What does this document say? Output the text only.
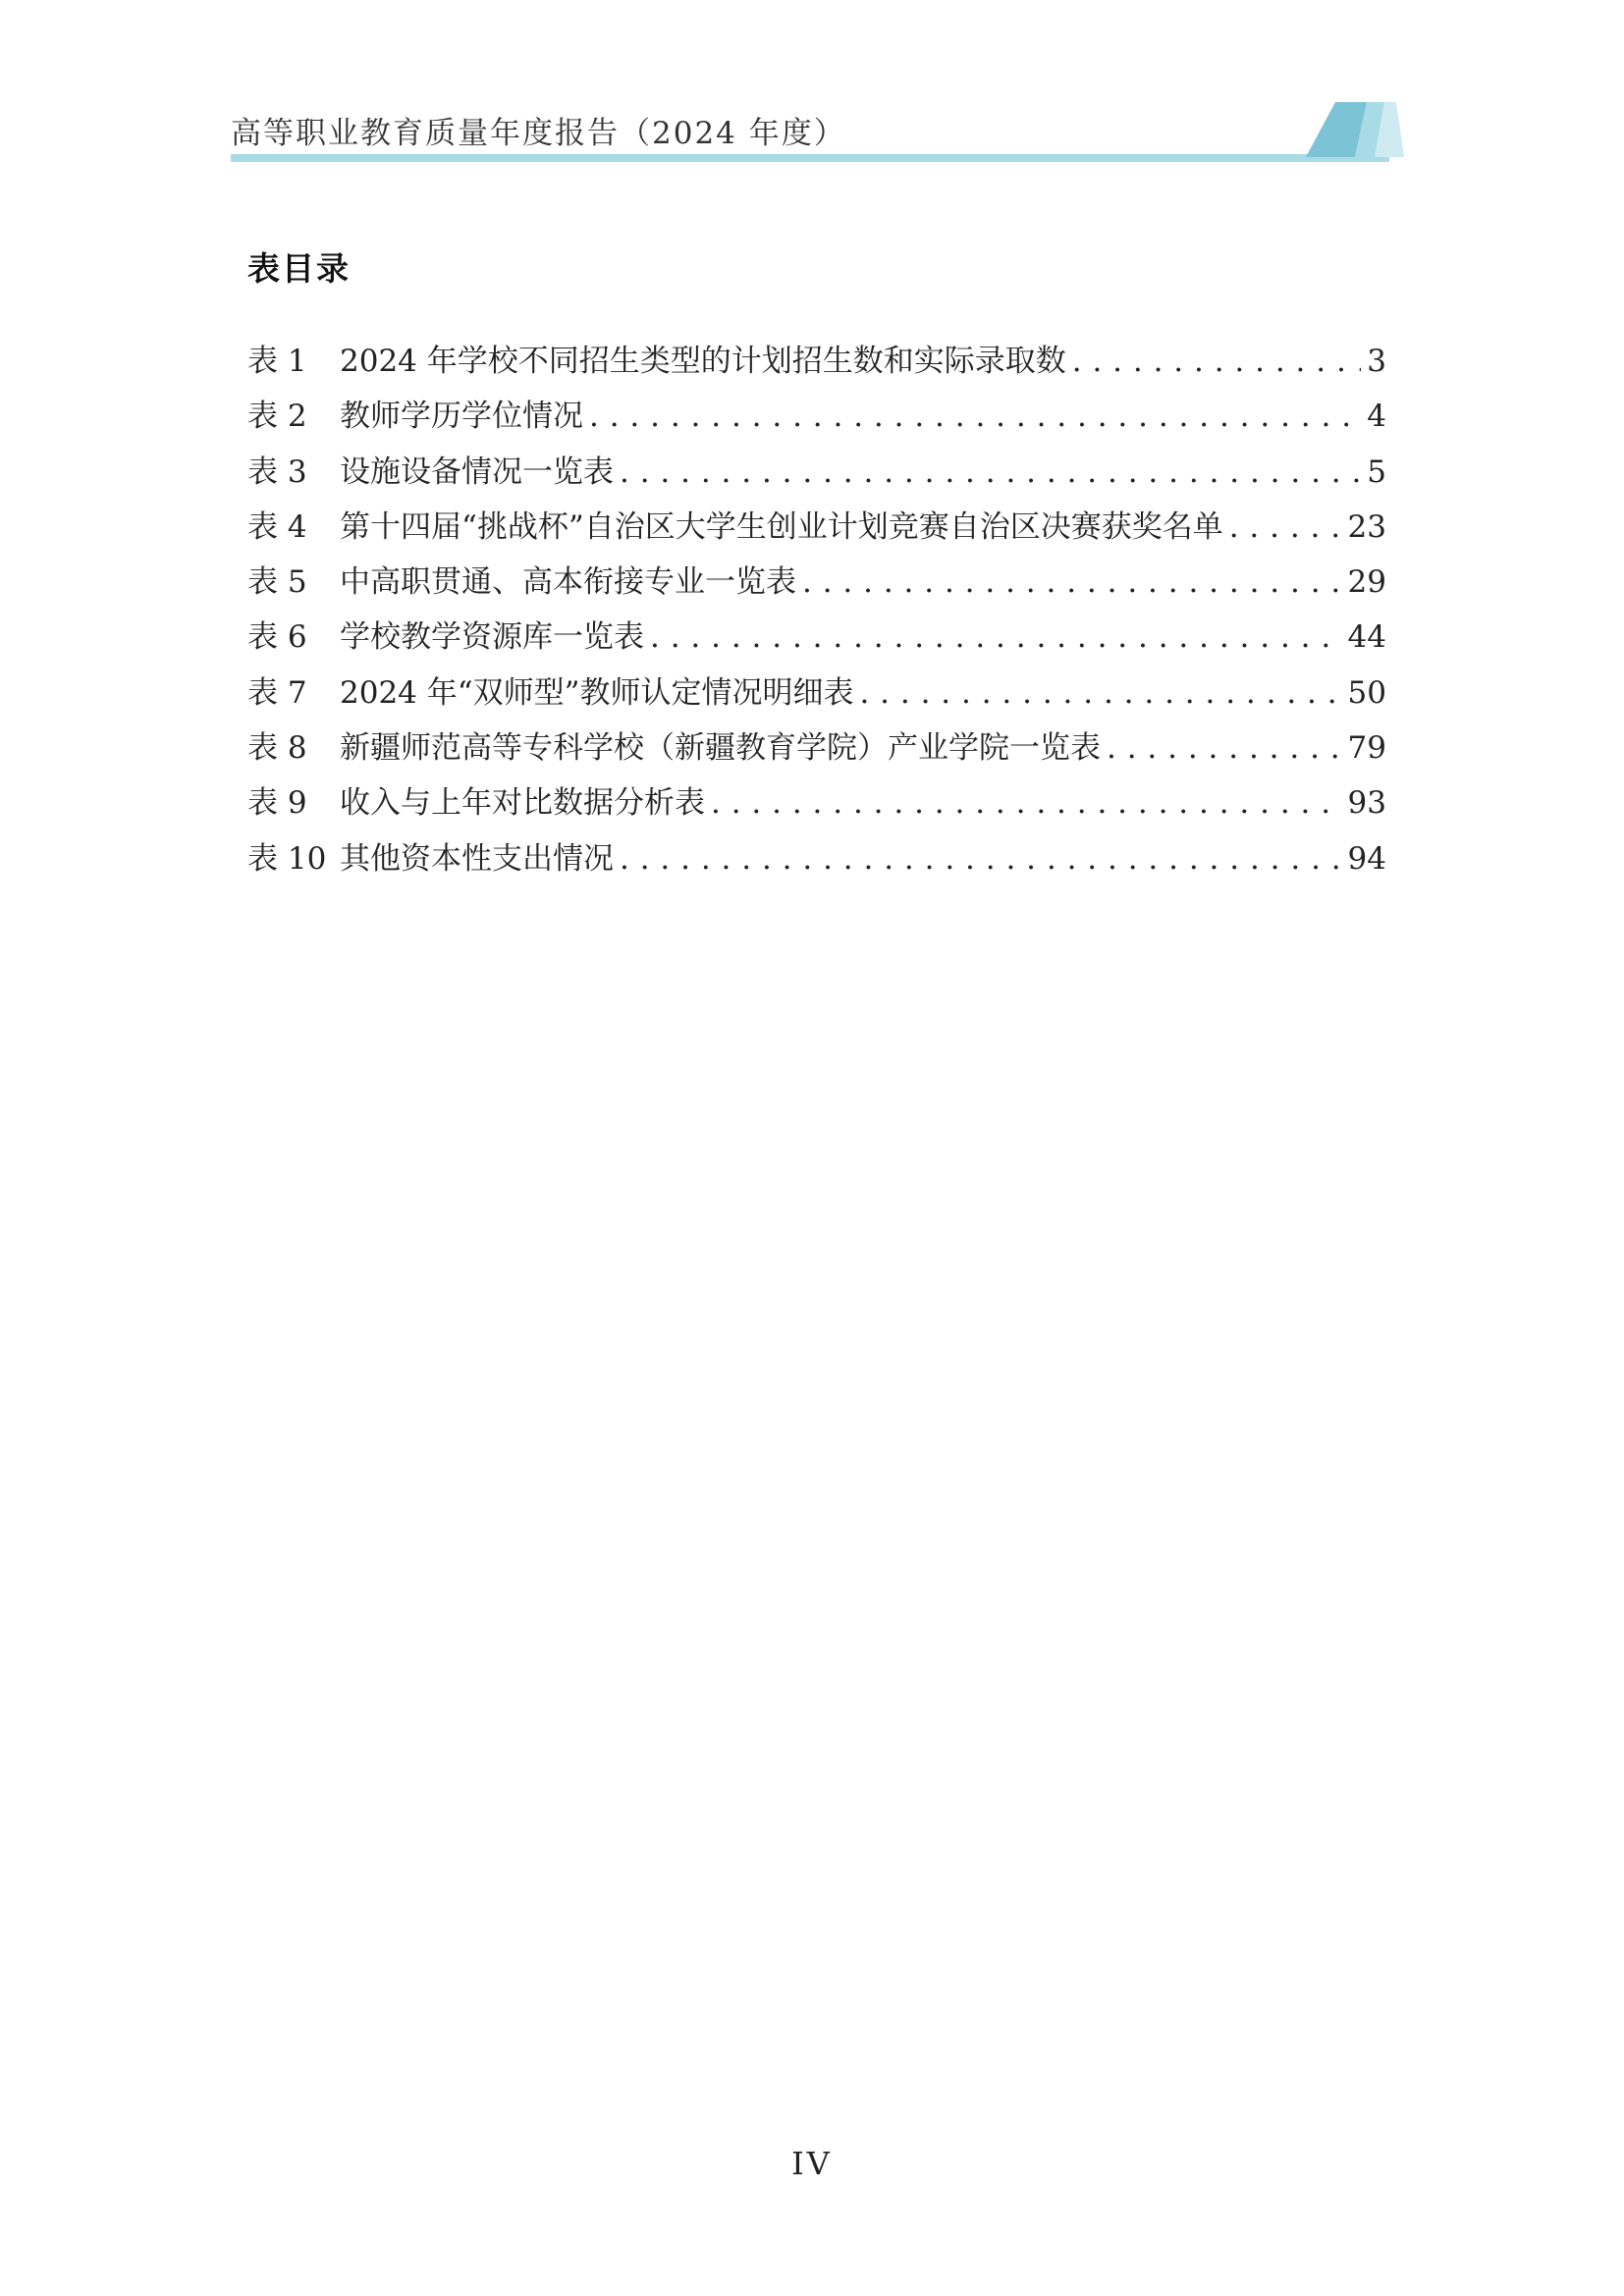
高等职业教育质量年度报告（2024 年度）
表目录
表 1	2024 年学校不同招生类型的计划招生数和实际录取数 . . .	3
表 2	教师学历学位情况 . . .	4
表 3	设施设备情况一览表 . . .	5
表 4	第十四届“挑战杯”自治区大学生创业计划竞赛自治区决赛获奖名单 . . .	23
表 5	中高职贯通、高本衔接专业一览表 . . .	29
表 6	学校教学资源库一览表 . . .	44
表 7	2024 年“双师型”教师认定情况明细表 . . .	50
表 8	新疆师范高等专科学校（新疆教育学院）产业学院一览表 . . .	79
表 9	收入与上年对比数据分析表 . . .	93
表 10 其他资本性支出情况 . . .	94
IV
